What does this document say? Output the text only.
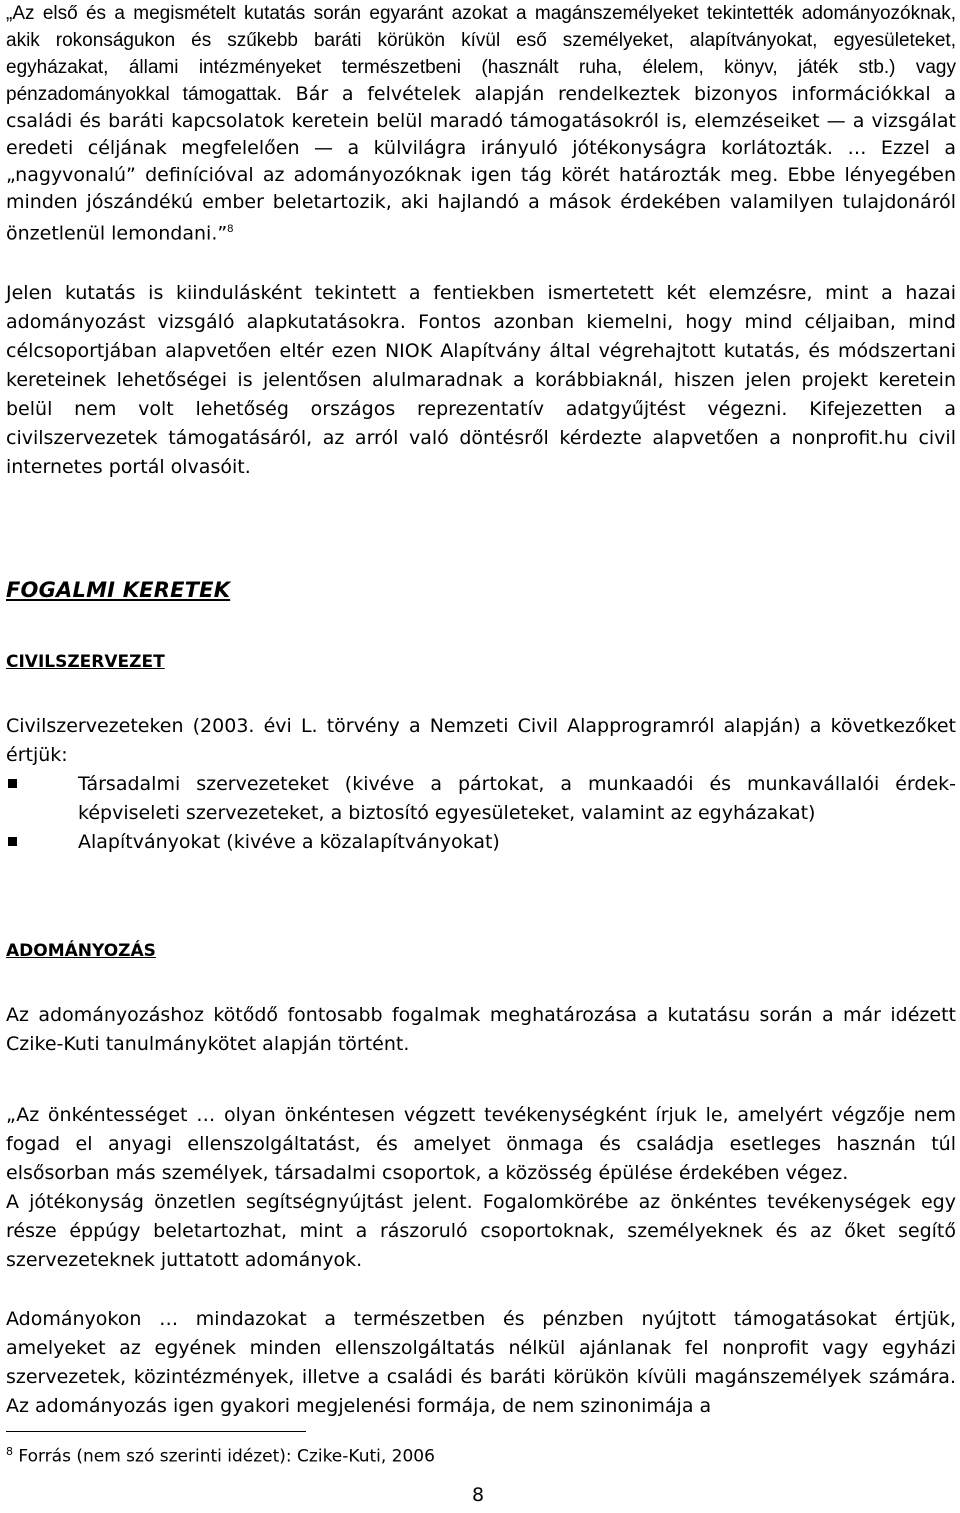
„Az első és a megismételt kutatás során egyaránt azokat a magánszemélyeket tekintették adományozóknak, akik rokonságukon és szűkebb baráti körükön kívül eső személyeket, alapítványokat, egyesületeket, egyházakat, állami intézményeket természetbeni (használt ruha, élelem, könyv, játék stb.) vagy pénzadományokkal támogattak. Bár a felvételek alapján rendelkeztek bizonyos információkkal a családi és baráti kapcsolatok keretein belül maradó támogatásokról is, elemzéseiket — a vizsgálat eredeti céljának megfelelően — a külvilágra irányuló jótékonyságra korlátozták. … Ezzel a „nagyvonalú” definícióval az adományozóknak igen tág körét határozták meg. Ebbe lényegében minden jószándékú ember beletartozik, aki hajlandó a mások érdekében valamilyen tulajdonáról önzetlenül lemondani.”$^8$

Jelen kutatás is kiindulásként tekintett a fentiekben ismertetett két elemzésre, mint a hazai adományozást vizsgáló alapkutatásokra. Fontos azonban kiemelni, hogy mind céljaiban, mind célcsoportjában alapvetően eltér ezen NIOK Alapítvány által végrehajtott kutatás, és módszertani kereteinek lehetőségei is jelentősen alulmaradnak a korábbiaknál, hiszen jelen projekt keretein belül nem volt lehetőség országos reprezentatív adatgyűjtést végezni. Kifejezetten a civilszervezetek támogatásáról, az arról való döntésről kérdezte alapvetően a nonprofit.hu civil internetes portál olvasóit.

FOGALMI KERETEK
CIVILSZERVEZET

Civilszervezeteken (2003. évi L. törvény a Nemzeti Civil Alapprogramról alapján) a következőket értjük:

Társadalmi szervezeteket (kivéve a pártokat, a munkaadói és munkavállalói érdek-képviseleti szervezeteket, a biztosító egyesületeket, valamint az egyházakat)
Alapítványokat (kivéve a közalapítványokat)
ADOMÁNYOZÁS

Az adományozáshoz kötődő fontosabb fogalmak meghatározása a kutatásu során a már idézett Czike-Kuti tanulmánykötet alapján történt.

„Az önkéntességet … olyan önkéntesen végzett tevékenységként írjuk le, amelyért végzője nem fogad el anyagi ellenszolgáltatást, és amelyet önmaga és családja esetleges hasznán túl elsősorban más személyek, társadalmi csoportok, a közösség épülése érdekében végez.

A jótékonyság önzetlen segítségnyújtást jelent. Fogalomkörébe az önkéntes tevékenységek egy része éppúgy beletartozhat, mint a rászoruló csoportoknak, személyeknek és az őket segítő szervezeteknek juttatott adományok.

Adományokon … mindazokat a természetben és pénzben nyújtott támogatásokat értjük, amelyeket az egyének minden ellenszolgáltatás nélkül ajánlanak fel nonprofit vagy egyházi szervezetek, közintézmények, illetve a családi és baráti körükön kívüli magánszemélyek számára. Az adományozás igen gyakori megjelenési formája, de nem szinonimája a

$^8$ Forrás (nem szó szerinti idézet): Czike-Kuti, 2006
8
